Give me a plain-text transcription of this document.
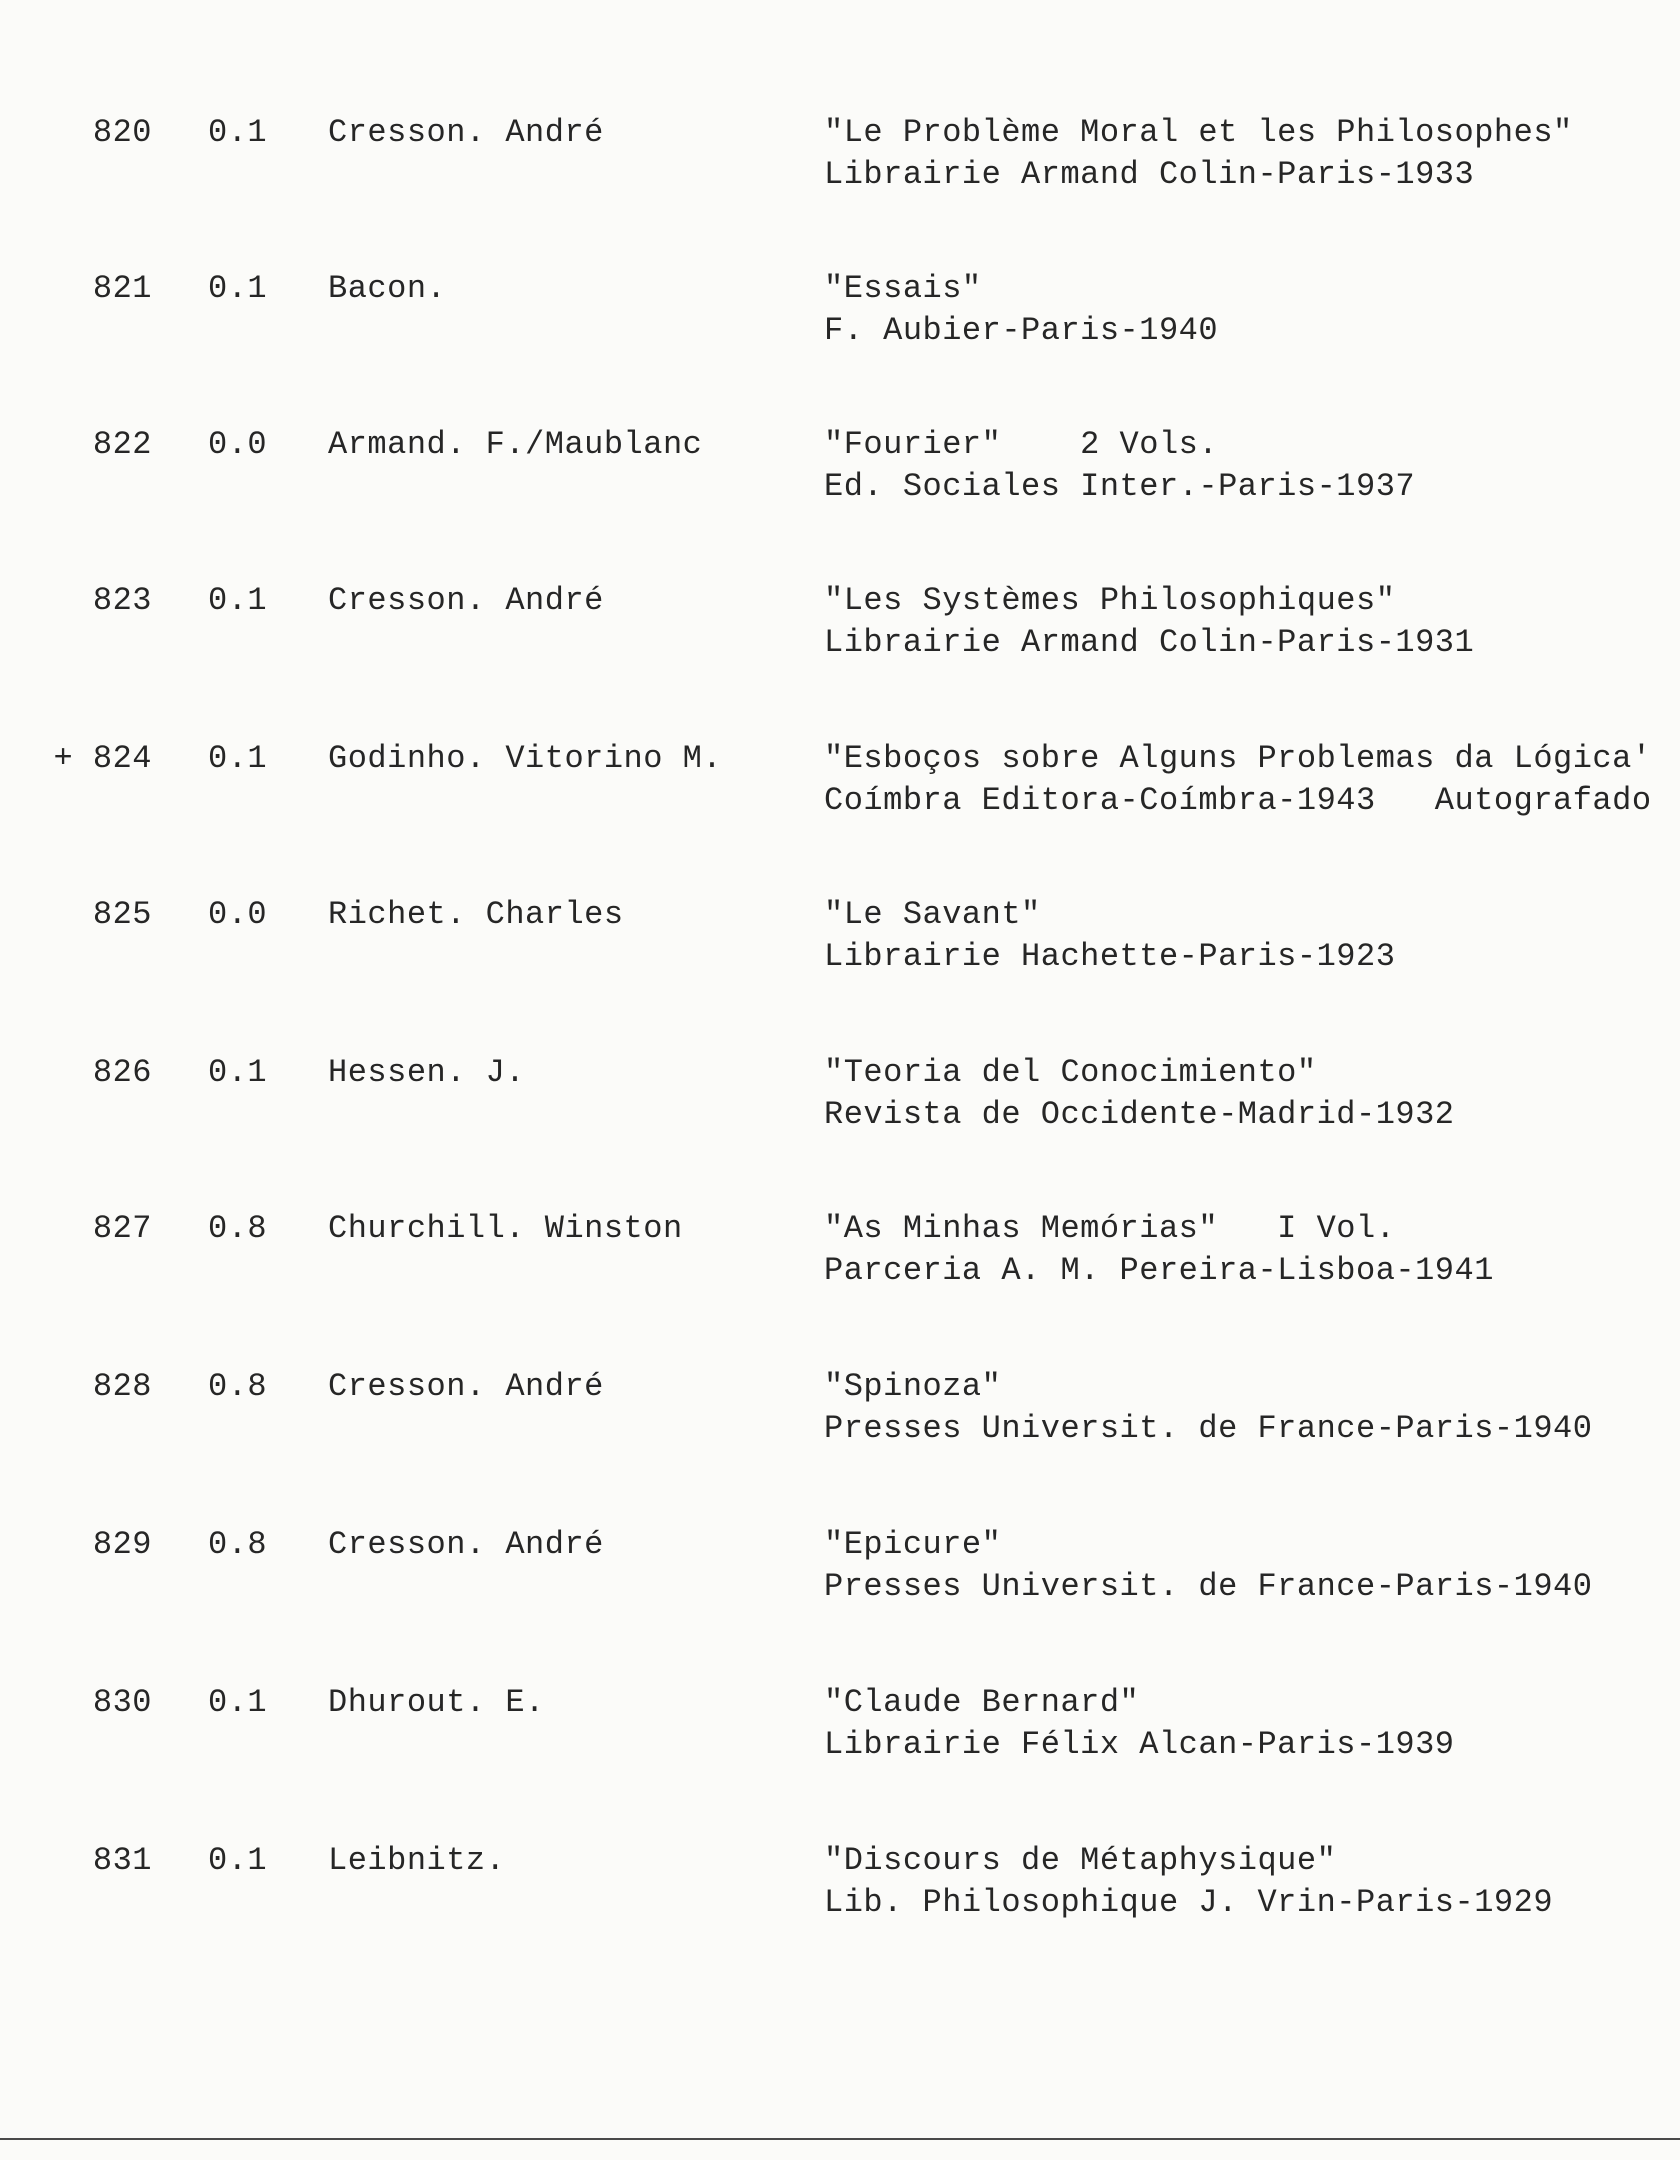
820 0.1 Cresson. André	"Le Problème Moral et les Philosophes"
Librairie Armand Colin-Paris-1933
821 0.1 Bacon.	"Essais"
F. Aubier-Paris-1940
822 0.0 Armand. F./Maublanc	"Fourier"    2 Vols.
Ed. Sociales Inter.-Paris-1937
823 0.1 Cresson. André	"Les Systèmes Philosophiques"
Librairie Armand Colin-Paris-1931
+ 824 0.1 Godinho. Vitorino M.	"Esboços sobre Alguns Problemas da Lógica'
Coímbra Editora-Coímbra-1943   Autografado
825 0.0 Richet. Charles	"Le Savant"
Librairie Hachette-Paris-1923
826 0.1 Hessen. J.	"Teoria del Conocimiento"
Revista de Occidente-Madrid-1932
827 0.8 Churchill. Winston	"As Minhas Memórias"   I Vol.
Parceria A. M. Pereira-Lisboa-1941
828 0.8 Cresson. André	"Spinoza"
Presses Universit. de France-Paris-1940
829 0.8 Cresson. André	"Epicure"
Presses Universit. de France-Paris-1940
830 0.1 Dhurout. E.	"Claude Bernard"
Librairie Félix Alcan-Paris-1939
831 0.1 Leibnitz.	"Discours de Métaphysique"
Lib. Philosophique J. Vrin-Paris-1929
